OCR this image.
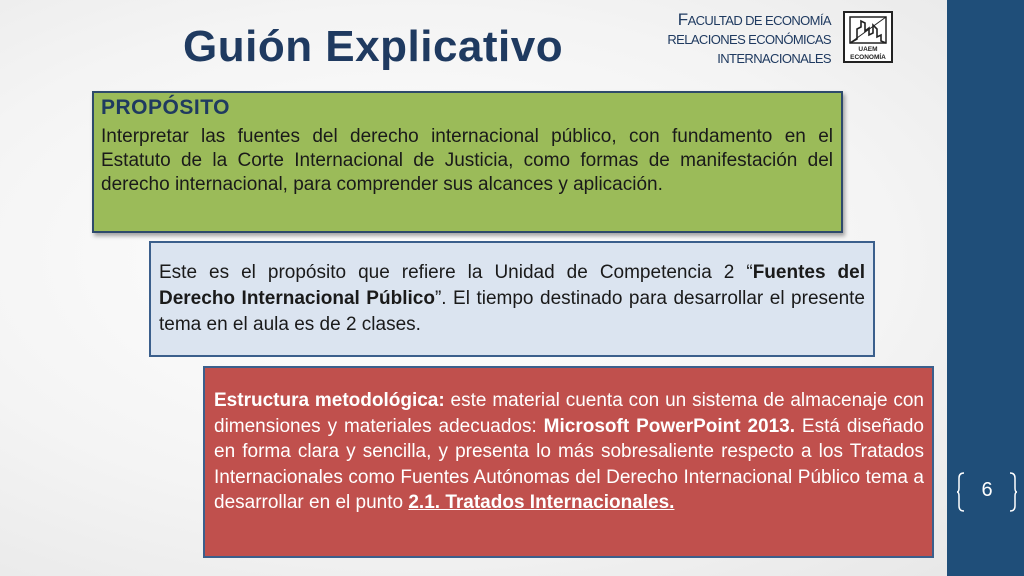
6
Guión Explicativo
FACULTAD DE ECONOMÍA
RELACIONES ECONÓMICAS
INTERNACIONALES
UAEM
ECONOMÍA
PROPÓSITO
Interpretar las fuentes del derecho internacional público, con fundamento en el Estatuto de la Corte Internacional de Justicia, como formas de manifestación del derecho internacional, para comprender sus alcances y aplicación.
Este es el propósito que refiere la Unidad de Competencia 2 “Fuentes del Derecho Internacional Público”. El tiempo destinado para desarrollar el presente tema en el aula es de 2 clases.
Estructura metodológica: este material cuenta con un sistema de almacenaje con dimensiones y materiales adecuados: Microsoft PowerPoint 2013. Está diseñado en forma clara y sencilla, y presenta lo más sobresaliente respecto a los Tratados Internacionales como Fuentes Autónomas del Derecho Internacional Público tema a desarrollar en el punto 2.1. Tratados Internacionales.
